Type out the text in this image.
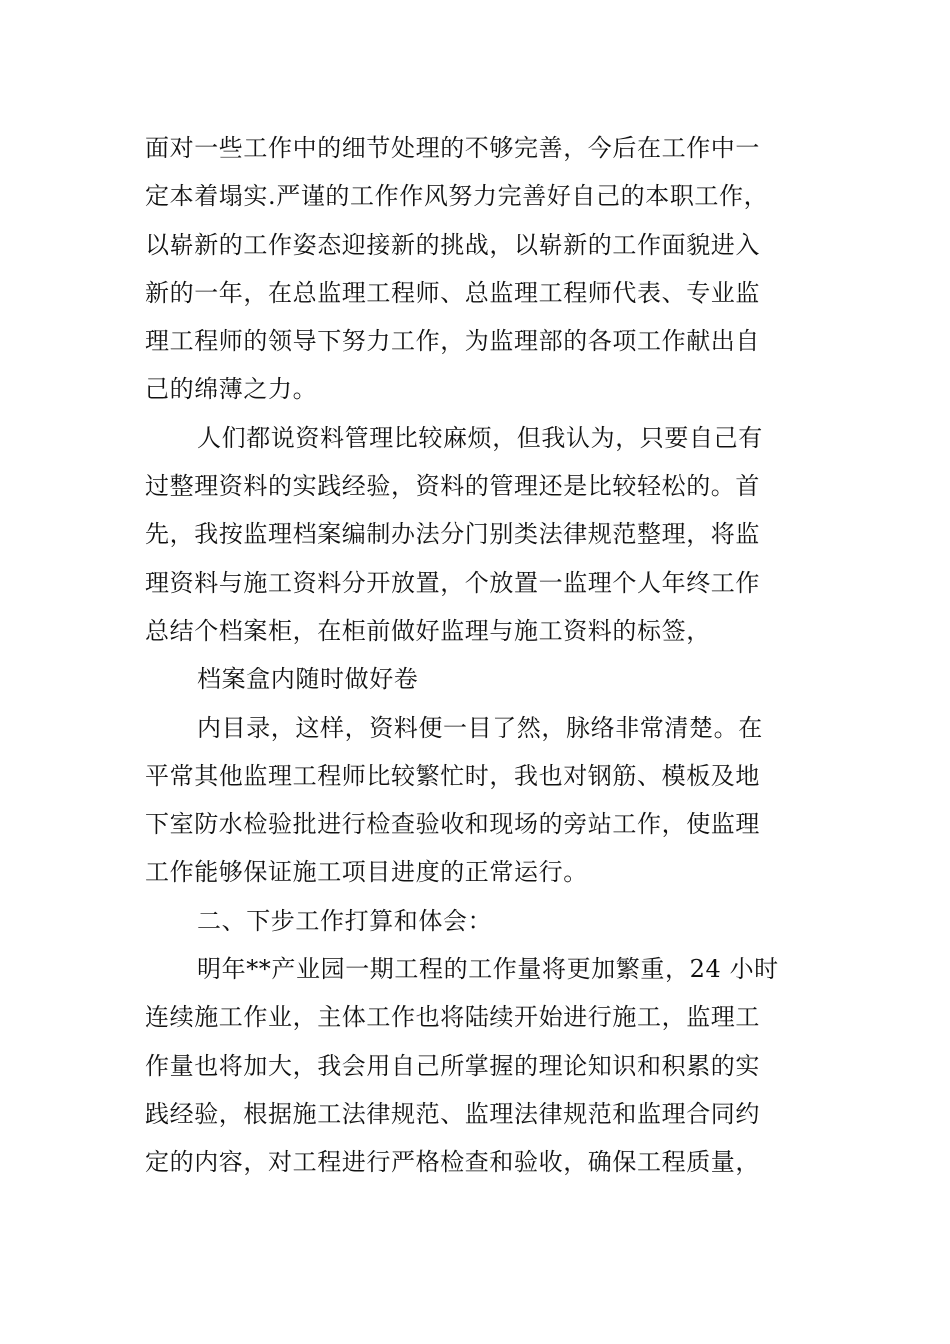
面对一些工作中的细节处理的不够完善，今后在工作中一
定本着塌实.严谨的工作作风努力完善好自己的本职工作，
以崭新的工作姿态迎接新的挑战，以崭新的工作面貌进入
新的一年，在总监理工程师、总监理工程师代表、专业监
理工程师的领导下努力工作，为监理部的各项工作献出自
己的绵薄之力。
人们都说资料管理比较麻烦，但我认为，只要自己有
过整理资料的实践经验，资料的管理还是比较轻松的。首
先，我按监理档案编制办法分门别类法律规范整理，将监
理资料与施工资料分开放置，个放置一监理个人年终工作
总结个档案柜，在柜前做好监理与施工资料的标签，
档案盒内随时做好卷
内目录，这样，资料便一目了然，脉络非常清楚。在
平常其他监理工程师比较繁忙时，我也对钢筋、模板及地
下室防水检验批进行检查验收和现场的旁站工作，使监理
工作能够保证施工项目进度的正常运行。
二、下步工作打算和体会：
明年**产业园一期工程的工作量将更加繁重，24 小时
连续施工作业，主体工作也将陆续开始进行施工，监理工
作量也将加大，我会用自己所掌握的理论知识和积累的实
践经验，根据施工法律规范、监理法律规范和监理合同约
定的内容，对工程进行严格检查和验收，确保工程质量，
